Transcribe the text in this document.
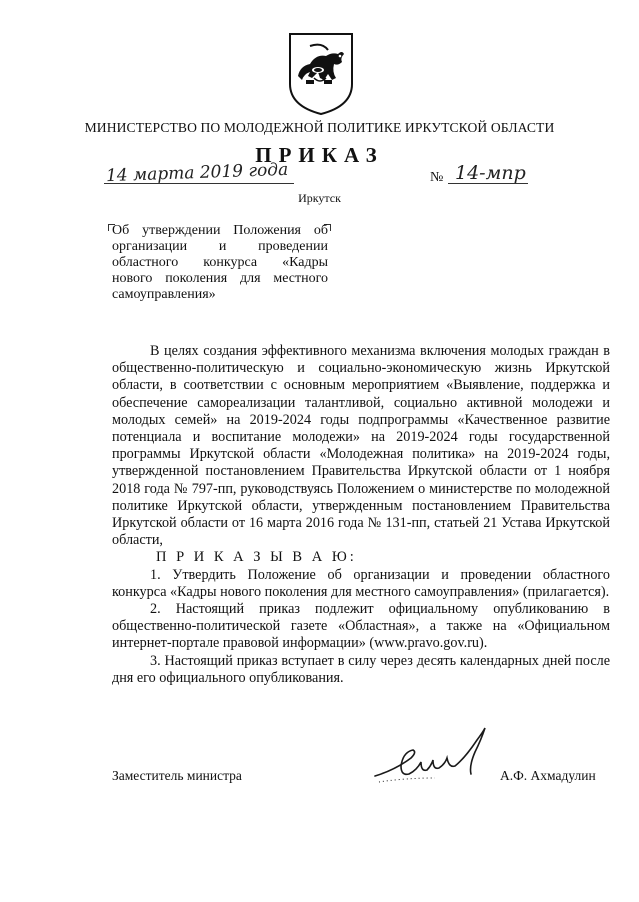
МИНИСТЕРСТВО ПО МОЛОДЕЖНОЙ ПОЛИТИКЕ ИРКУТСКОЙ ОБЛАСТИ
ПРИКАЗ
14 марта 2019 года	№ 14-мпр
Иркутск

Об утверждении Положения об организации и проведении областного конкурса «Кадры нового поколения для местного самоуправления»

В целях создания эффективного механизма включения молодых граждан в общественно-политическую и социально-экономическую жизнь Иркутской области, в соответствии с основным мероприятием «Выявление, поддержка и обеспечение самореализации талантливой, социально активной молодежи и молодых семей» на 2019-2024 годы подпрограммы «Качественное развитие потенциала и воспитание молодежи» на 2019-2024 годы государственной программы Иркутской области «Молодежная политика» на 2019-2024 годы, утвержденной постановлением Правительства Иркутской области от 1 ноября 2018 года № 797-пп, руководствуясь Положением о министерстве по молодежной политике Иркутской области, утвержденным постановлением Правительства Иркутской области от 16 марта 2016 года № 131-пп, статьей 21 Устава Иркутской области,

П Р И К А З Ы В А Ю:

1. Утвердить Положение об организации и проведении областного конкурса «Кадры нового поколения для местного самоуправления» (прилагается).

2. Настоящий приказ подлежит официальному опубликованию в общественно-политической газете «Областная», а также на «Официальном интернет-портале правовой информации» (www.pravo.gov.ru).

3. Настоящий приказ вступает в силу через десять календарных дней после дня его официального опубликования.

Заместитель министра	А.Ф. Ахмадулин
